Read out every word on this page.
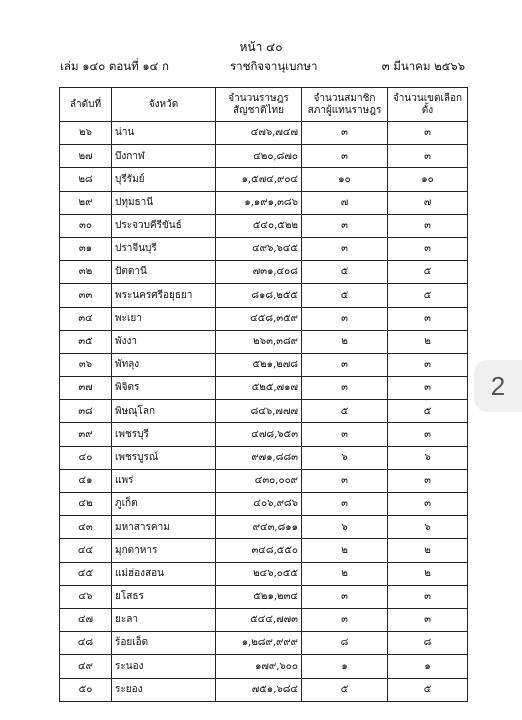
หน้า ๔๐
เล่ม ๑๔๐ ตอนที่ ๑๔ ก	ราชกิจจานุเบกษา	๓ มีนาคม ๒๕๖๖
ลำดับที่	จังหวัด	จำนวนราษฎร สัญชาติไทย	จำนวนสมาชิก สภาผู้แทนราษฎร	จำนวนเขตเลือกตั้ง
๒๖	น่าน	๔๗๖,๗๔๗	๓	๓
๒๗	บึงกาฬ	๔๒๐,๘๗๐	๓	๓
๒๘	บุรีรัมย์	๑,๕๗๔,๙๐๔	๑๐	๑๐
๒๙	ปทุมธานี	๑,๑๙๑,๓๘๖	๗	๗
๓๐	ประจวบคีรีขันธ์	๕๔๐,๕๒๒	๓	๓
๓๑	ปราจีนบุรี	๔๙๖,๖๔๕	๓	๓
๓๒	ปัตตานี	๗๓๑,๔๐๘	๕	๕
๓๓	พระนครศรีอยุธยา	๘๑๘,๒๕๕	๕	๕
๓๔	พะเยา	๔๕๘,๓๕๙	๓	๓
๓๕	พังงา	๒๖๓,๓๘๙	๒	๒
๓๖	พัทลุง	๕๒๑,๒๗๘	๓	๓
๓๗	พิจิตร	๕๒๕,๗๑๗	๓	๓
๓๘	พิษณุโลก	๘๔๖,๗๗๗	๕	๕
๓๙	เพชรบุรี	๔๗๘,๖๕๓	๓	๓
๔๐	เพชรบูรณ์	๙๗๑,๘๘๓	๖	๖
๔๑	แพร่	๔๓๐,๐๐๙	๓	๓
๔๒	ภูเก็ต	๔๐๖,๙๘๖	๓	๓
๔๓	มหาสารคาม	๙๔๓,๘๑๑	๖	๖
๔๔	มุกดาหาร	๓๔๘,๕๕๐	๒	๒
๔๕	แม่ฮ่องสอน	๒๔๖,๐๕๕	๒	๒
๔๖	ยโสธร	๕๒๑,๒๓๔	๓	๓
๔๗	ยะลา	๕๔๔,๗๗๓	๓	๓
๔๘	ร้อยเอ็ด	๑,๒๘๙,๙๙๙	๘	๘
๔๙	ระนอง	๑๗๙,๖๐๐	๑	๑
๕๐	ระยอง	๗๕๑,๖๘๔	๕	๕
2
